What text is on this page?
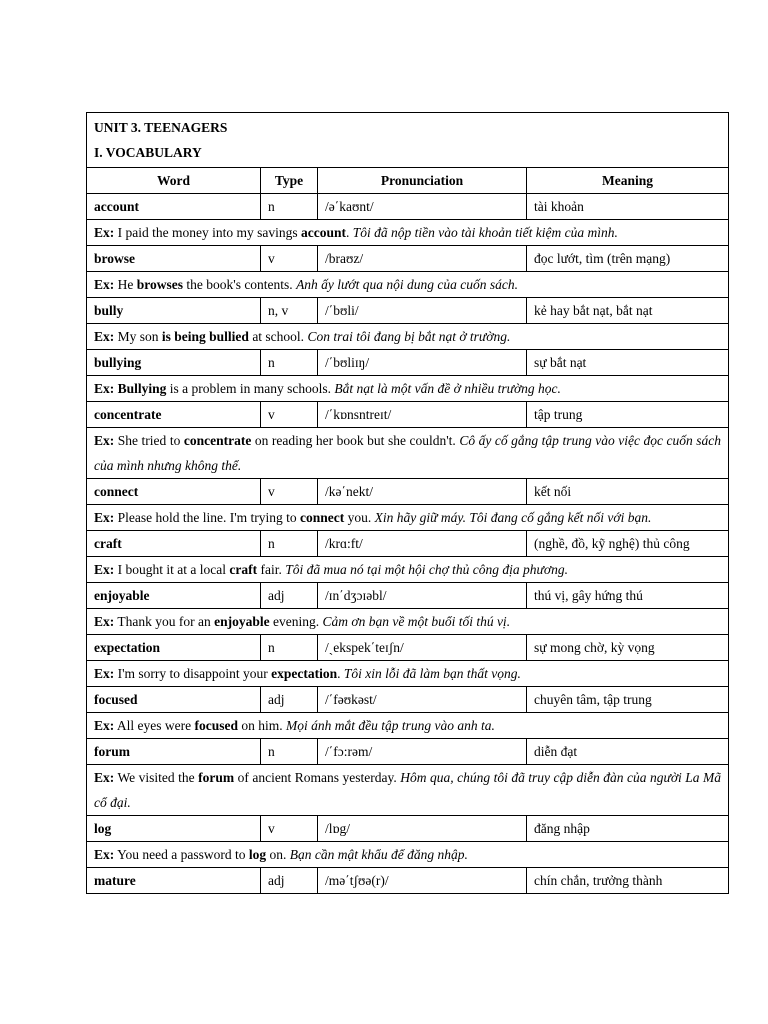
UNIT 3. TEENAGERS
I. VOCABULARY			

Word	Type	Pronunciation	Meaning
account	n	/ə΄kaʊnt/	tài khoản
Ex: I paid the money into my savings account. Tôi đã nộp tiền vào tài khoản tiết kiệm của mình.			
browse	v	/braʊz/	đọc lướt, tìm (trên mạng)
Ex: He browses the book's contents. Anh ấy lướt qua nội dung của cuốn sách.			
bully	n, v	/΄bʊli/	kẻ hay bắt nạt, bắt nạt
Ex: My son is being bullied at school. Con trai tôi đang bị bắt nạt ở trường.			
bullying	n	/΄bʊliɪŋ/	sự bắt nạt
Ex: Bullying is a problem in many schools. Bắt nạt là một vấn đề ở nhiều trường học.			
concentrate	v	/΄kɒnsntreɪt/	tập trung
Ex: She tried to concentrate on reading her book but she couldn't. Cô ấy cố gắng tập trung vào việc đọc cuốn sách của mình nhưng không thể.			
connect	v	/kə΄nekt/	kết nối
Ex: Please hold the line. I'm trying to connect you. Xin hãy giữ máy. Tôi đang cố gắng kết nối với bạn.			
craft	n	/krɑ:ft/	(nghề, đồ, kỹ nghệ) thủ công
Ex: I bought it at a local craft fair. Tôi đã mua nó tại một hội chợ thủ công địa phương.			
enjoyable	adj	/ɪn΄dʒɔɪəbl/	thú vị, gây hứng thú
Ex: Thank you for an enjoyable evening. Cảm ơn bạn về một buổi tối thú vị.			
expectation	n	/ˏekspek΄teɪʃn/	sự mong chờ, kỳ vọng
Ex: I'm sorry to disappoint your expectation. Tôi xin lỗi đã làm bạn thất vọng.			
focused	adj	/΄fəʊkəst/	chuyên tâm, tập trung
Ex: All eyes were focused on him. Mọi ánh mắt đều tập trung vào anh ta.			
forum	n	/΄fɔ:rəm/	diễn đạt
Ex: We visited the forum of ancient Romans yesterday. Hôm qua, chúng tôi đã truy cập diễn đàn của người La Mã cổ đại.			
log	v	/lɒg/	đăng nhập
Ex: You need a password to log on. Bạn cần mật khẩu để đăng nhập.			
mature	adj	/mə΄tʃʊə(r)/	chín chắn, trưởng thành
